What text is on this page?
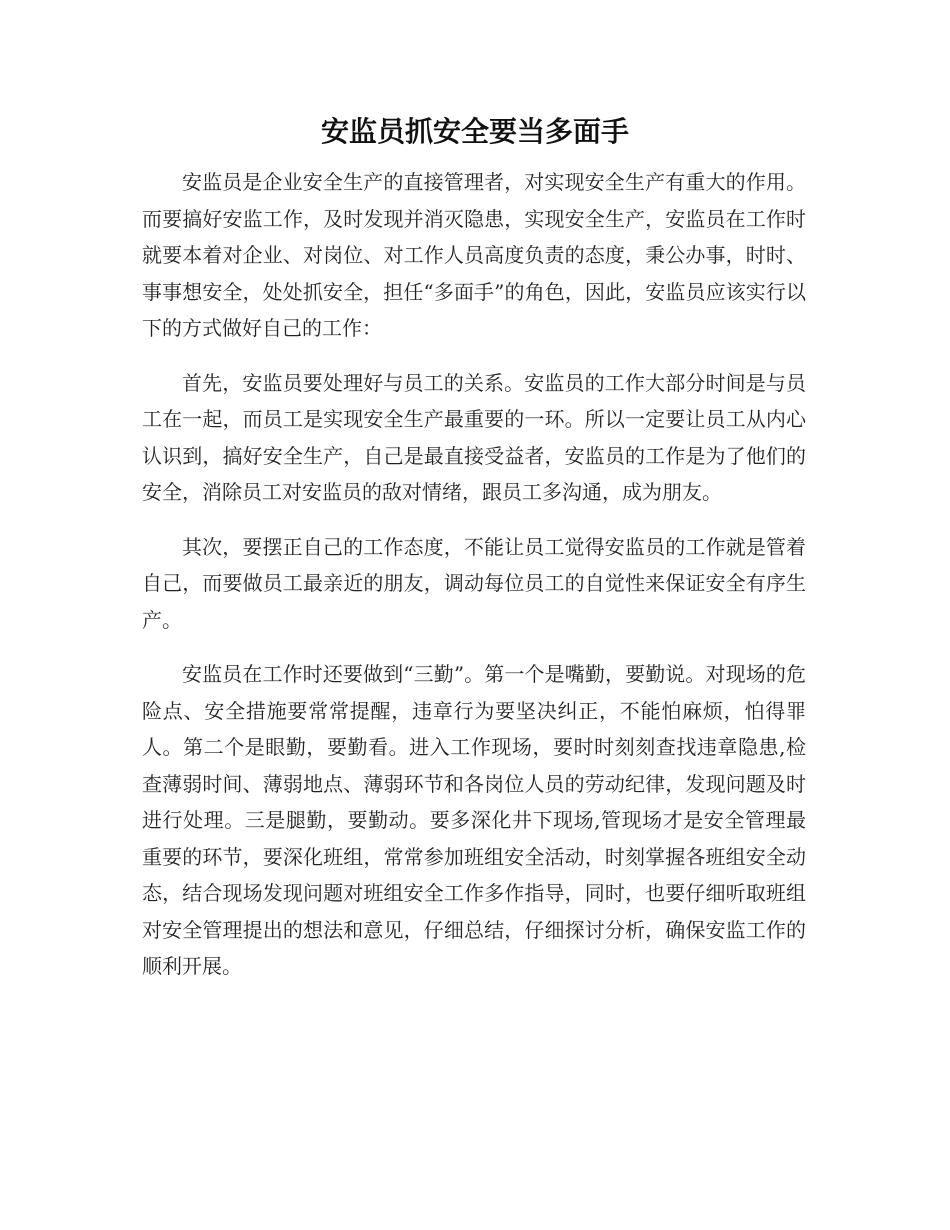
安监员抓安全要当多面手

安监员是企业安全生产的直接管理者，对实现安全生产有重大的作用。而要搞好安监工作，及时发现并消灭隐患，实现安全生产，安监员在工作时就要本着对企业、对岗位、对工作人员高度负责的态度，秉公办事，时时、事事想安全，处处抓安全，担任“多面手”的角色，因此，安监员应该实行以下的方式做好自己的工作：

首先，安监员要处理好与员工的关系。安监员的工作大部分时间是与员工在一起，而员工是实现安全生产最重要的一环。所以一定要让员工从内心认识到，搞好安全生产，自己是最直接受益者，安监员的工作是为了他们的安全，消除员工对安监员的敌对情绪，跟员工多沟通，成为朋友。

其次，要摆正自己的工作态度，不能让员工觉得安监员的工作就是管着自己，而要做员工最亲近的朋友，调动每位员工的自觉性来保证安全有序生产。

安监员在工作时还要做到“三勤”。第一个是嘴勤，要勤说。对现场的危险点、安全措施要常常提醒，违章行为要坚决纠正，不能怕麻烦，怕得罪人。第二个是眼勤，要勤看。进入工作现场，要时时刻刻查找违章隐患,检查薄弱时间、薄弱地点、薄弱环节和各岗位人员的劳动纪律，发现问题及时进行处理。三是腿勤，要勤动。要多深化井下现场,管现场才是安全管理最重要的环节，要深化班组，常常参加班组安全活动，时刻掌握各班组安全动态，结合现场发现问题对班组安全工作多作指导，同时，也要仔细听取班组对安全管理提出的想法和意见，仔细总结，仔细探讨分析，确保安监工作的顺利开展。
